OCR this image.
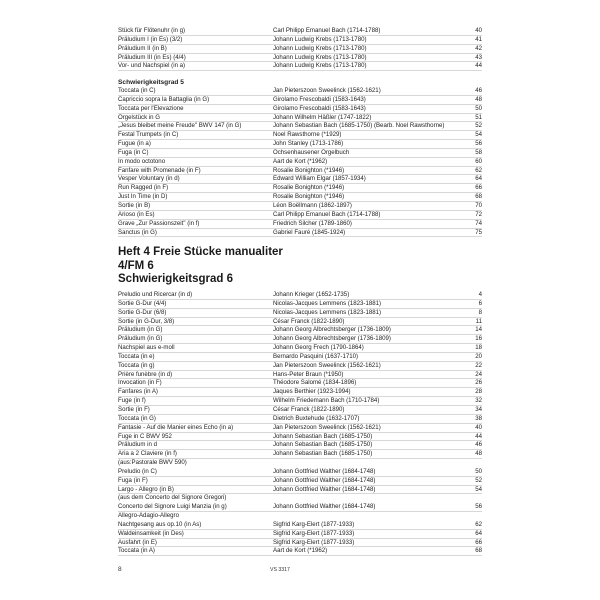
Stück für Flötenuhr (in g)	Carl Philipp Emanuel Bach (1714-1788)	40
Präludium I (in Es) (3/2)	Johann Ludwig Krebs (1713-1780)	41
Präludium II (in B)	Johann Ludwig Krebs (1713-1780)	42
Präludium III (in Es) (4/4)	Johann Ludwig Krebs (1713-1780)	43
Vor- und Nachspiel (in a)	Johann Ludwig Krebs (1713-1780)	44
Schwierigkeitsgrad 5
Toccata (in C)	Jan Pieterszoon Sweelinck (1562-1621)	46
Capriccio sopra la Battaglia (in G)	Girolamo Frescobaldi (1583-1643)	48
Toccata per l'Elevazione	Girolamo Frescobaldi (1583-1643)	50
Orgelstück in G	Johann Wilhelm Häßler (1747-1822)	51
„Jesus bleibet meine Freude" BWV 147 (in G)	Johann Sebastian Bach (1685-1750) (Bearb. Noel Rawsthorne)	52
Festal Trumpets (in C)	Noel Rawsthorne (*1929)	54
Fugue (in a)	John Stanley (1713-1786)	56
Fuga (in C)	Ochsenhausener Orgelbuch	58
In modo octotono	Aart de Kort (*1962)	60
Fanfare with Promenade (in F)	Rosalie Bonighton (*1946)	62
Vesper Voluntary (in d)	Edward William Elgar (1857-1934)	64
Run Ragged (in F)	Rosalie Bonighton (*1946)	66
Just In Time (in D)	Rosalie Bonighton (*1946)	68
Sortie (in B)	Léon Boëllmann (1862-1897)	70
Arioso (in Es)	Carl Philipp Emanuel Bach (1714-1788)	72
Grave „Zur Passionszeit" (in f)	Friedrich Silcher (1789-1860)	74
Sanctus (in G)	Gabriel Fauré (1845-1924)	75
Heft 4 Freie Stücke manualiter
4/FM 6
Schwierigkeitsgrad 6
Preludio und Ricercar (in d)	Johann Krieger (1652-1735)	4
Sortie G-Dur (4/4)	Nicolas-Jacques Lemmens (1823-1881)	6
Sortie G-Dur (6/8)	Nicolas-Jacques Lemmens (1823-1881)	8
Sortie (in G-Dur, 3/8)	César Franck (1822-1890)	11
Präludium (in G)	Johann Georg Albrechtsberger (1736-1809)	14
Präludium (in G)	Johann Georg Albrechtsberger (1736-1809)	16
Nachspiel aus e-moll	Johann Georg Frech (1790-1864)	18
Toccata (in e)	Bernardo Pasquini (1637-1710)	20
Toccata (in g)	Jan Pieterszoon Sweelinck (1562-1621)	22
Prière funèbre (in d)	Hans-Peter Braun (*1950)	24
Invocation (in F)	Théodore Salomé (1834-1896)	26
Fanfares (in A)	Jaques Berthier (1923-1994)	28
Fuge (in f)	Wilhelm Friedemann Bach (1710-1784)	32
Sortie (in F)	César Franck (1822-1890)	34
Toccata (in G)	Dietrich Buxtehude (1632-1707)	38
Fantasie - Auf die Manier eines Echo (in a)	Jan Pieterszoon Sweelinck (1562-1621)	40
Fuge in C BWV 952	Johann Sebastian Bach (1685-1750)	44
Präludium in d	Johann Sebastian Bach (1685-1750)	46
Aria a 2 Claviere (in f)	Johann Sebastian Bach (1685-1750)	48
(aus:Pastorale BWV 590)
Preludio (in C)	Johann Gottfried Walther (1684-1748)	50
Fuga (in F)	Johann Gottfried Walther (1684-1748)	52
Largo - Allegro (in B)	Johann Gottfried Walther (1684-1748)	54
(aus dem Concerto del Signore Gregori)
Concerto del Signore Luigi Manzia (in g)	Johann Gottfried Walther (1684-1748)	56
Allegro-Adagio-Allegro
Nachtgesang aus op.10 (in As)	Sigfrid Karg-Elert (1877-1933)	62
Waldeinsamkeit (in Des)	Sigfrid Karg-Elert (1877-1933)	64
Ausfahrt (in E)	Sigfrid Karg-Elert (1877-1933)	66
Toccata (in A)	Aart de Kort (*1962)	68
8	VS 3317
